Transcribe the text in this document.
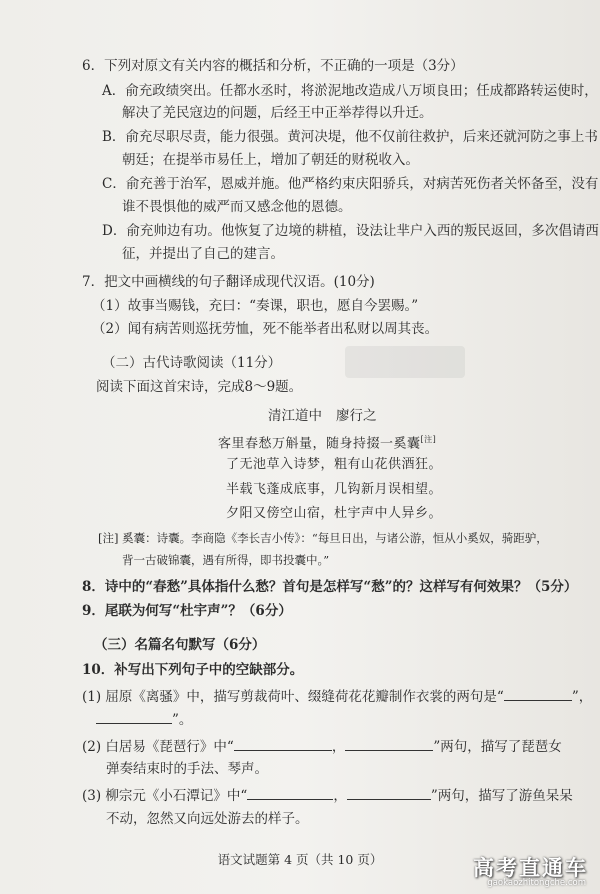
6．下列对原文有关内容的概括和分析，不正确的一项是（3分）
A．俞充政绩突出。任都水丞时，将淤泥地改造成八万顷良田；任成都路转运使时，
解决了羌民寇边的问题，后经王中正举荐得以升迁。
B．俞充尽职尽责，能力很强。黄河决堤，他不仅前往救护，后来还就河防之事上书
朝廷；在提举市易任上，增加了朝廷的财税收入。
C．俞充善于治军，恩威并施。他严格约束庆阳骄兵，对病苦死伤者关怀备至，没有
谁不畏惧他的威严而又感念他的恩德。
D．俞充帅边有功。他恢复了边境的耕植，设法让芈户入西的叛民返回，多次倡请西
征，并提出了自己的建言。
7．把文中画横线的句子翻译成现代汉语。(10分)
（1）故事当赐钱，充曰：“奏课，职也，愿自今罢赐。”
（2）闻有病苦则巡抚劳恤，死不能举者出私财以周其丧。
（二）古代诗歌阅读（11分）
阅读下面这首宋诗，完成8～9题。
清江道中 廖行之
客里春愁万斛量，随身持掇一奚囊[注]
了无池草入诗梦，粗有山花供酒狂。
半载飞蓬成底事，几钩新月误相望。
夕阳又傍空山宿，杜宇声中人异乡。
[注] 奚囊：诗囊。李商隐《李长吉小传》：“每旦日出，与诸公游，恒从小奚奴，骑距驴，
背一古破锦囊，遇有所得，即书投囊中。”
8．诗中的“春愁”具体指什么愁？首句是怎样写“愁”的？这样写有何效果？（5分）
9．尾联为何写“杜宇声”？（6分）
（三）名篇名句默写（6分）
10．补写出下列句子中的空缺部分。
(1) 屈原《离骚》中，描写剪裁荷叶、缀缝荷花花瓣制作衣裳的两句是“	”，
”。
(2) 白居易《琵琶行》中“	，	”两句，描写了琵琶女
弹奏结束时的手法、琴声。
(3) 柳宗元《小石潭记》中“	，	”两句，描写了游鱼呆呆
不动，忽然又向远处游去的样子。
语文试题第 4 页（共 10 页）	高考直通车
gaokaozhitongche.com
